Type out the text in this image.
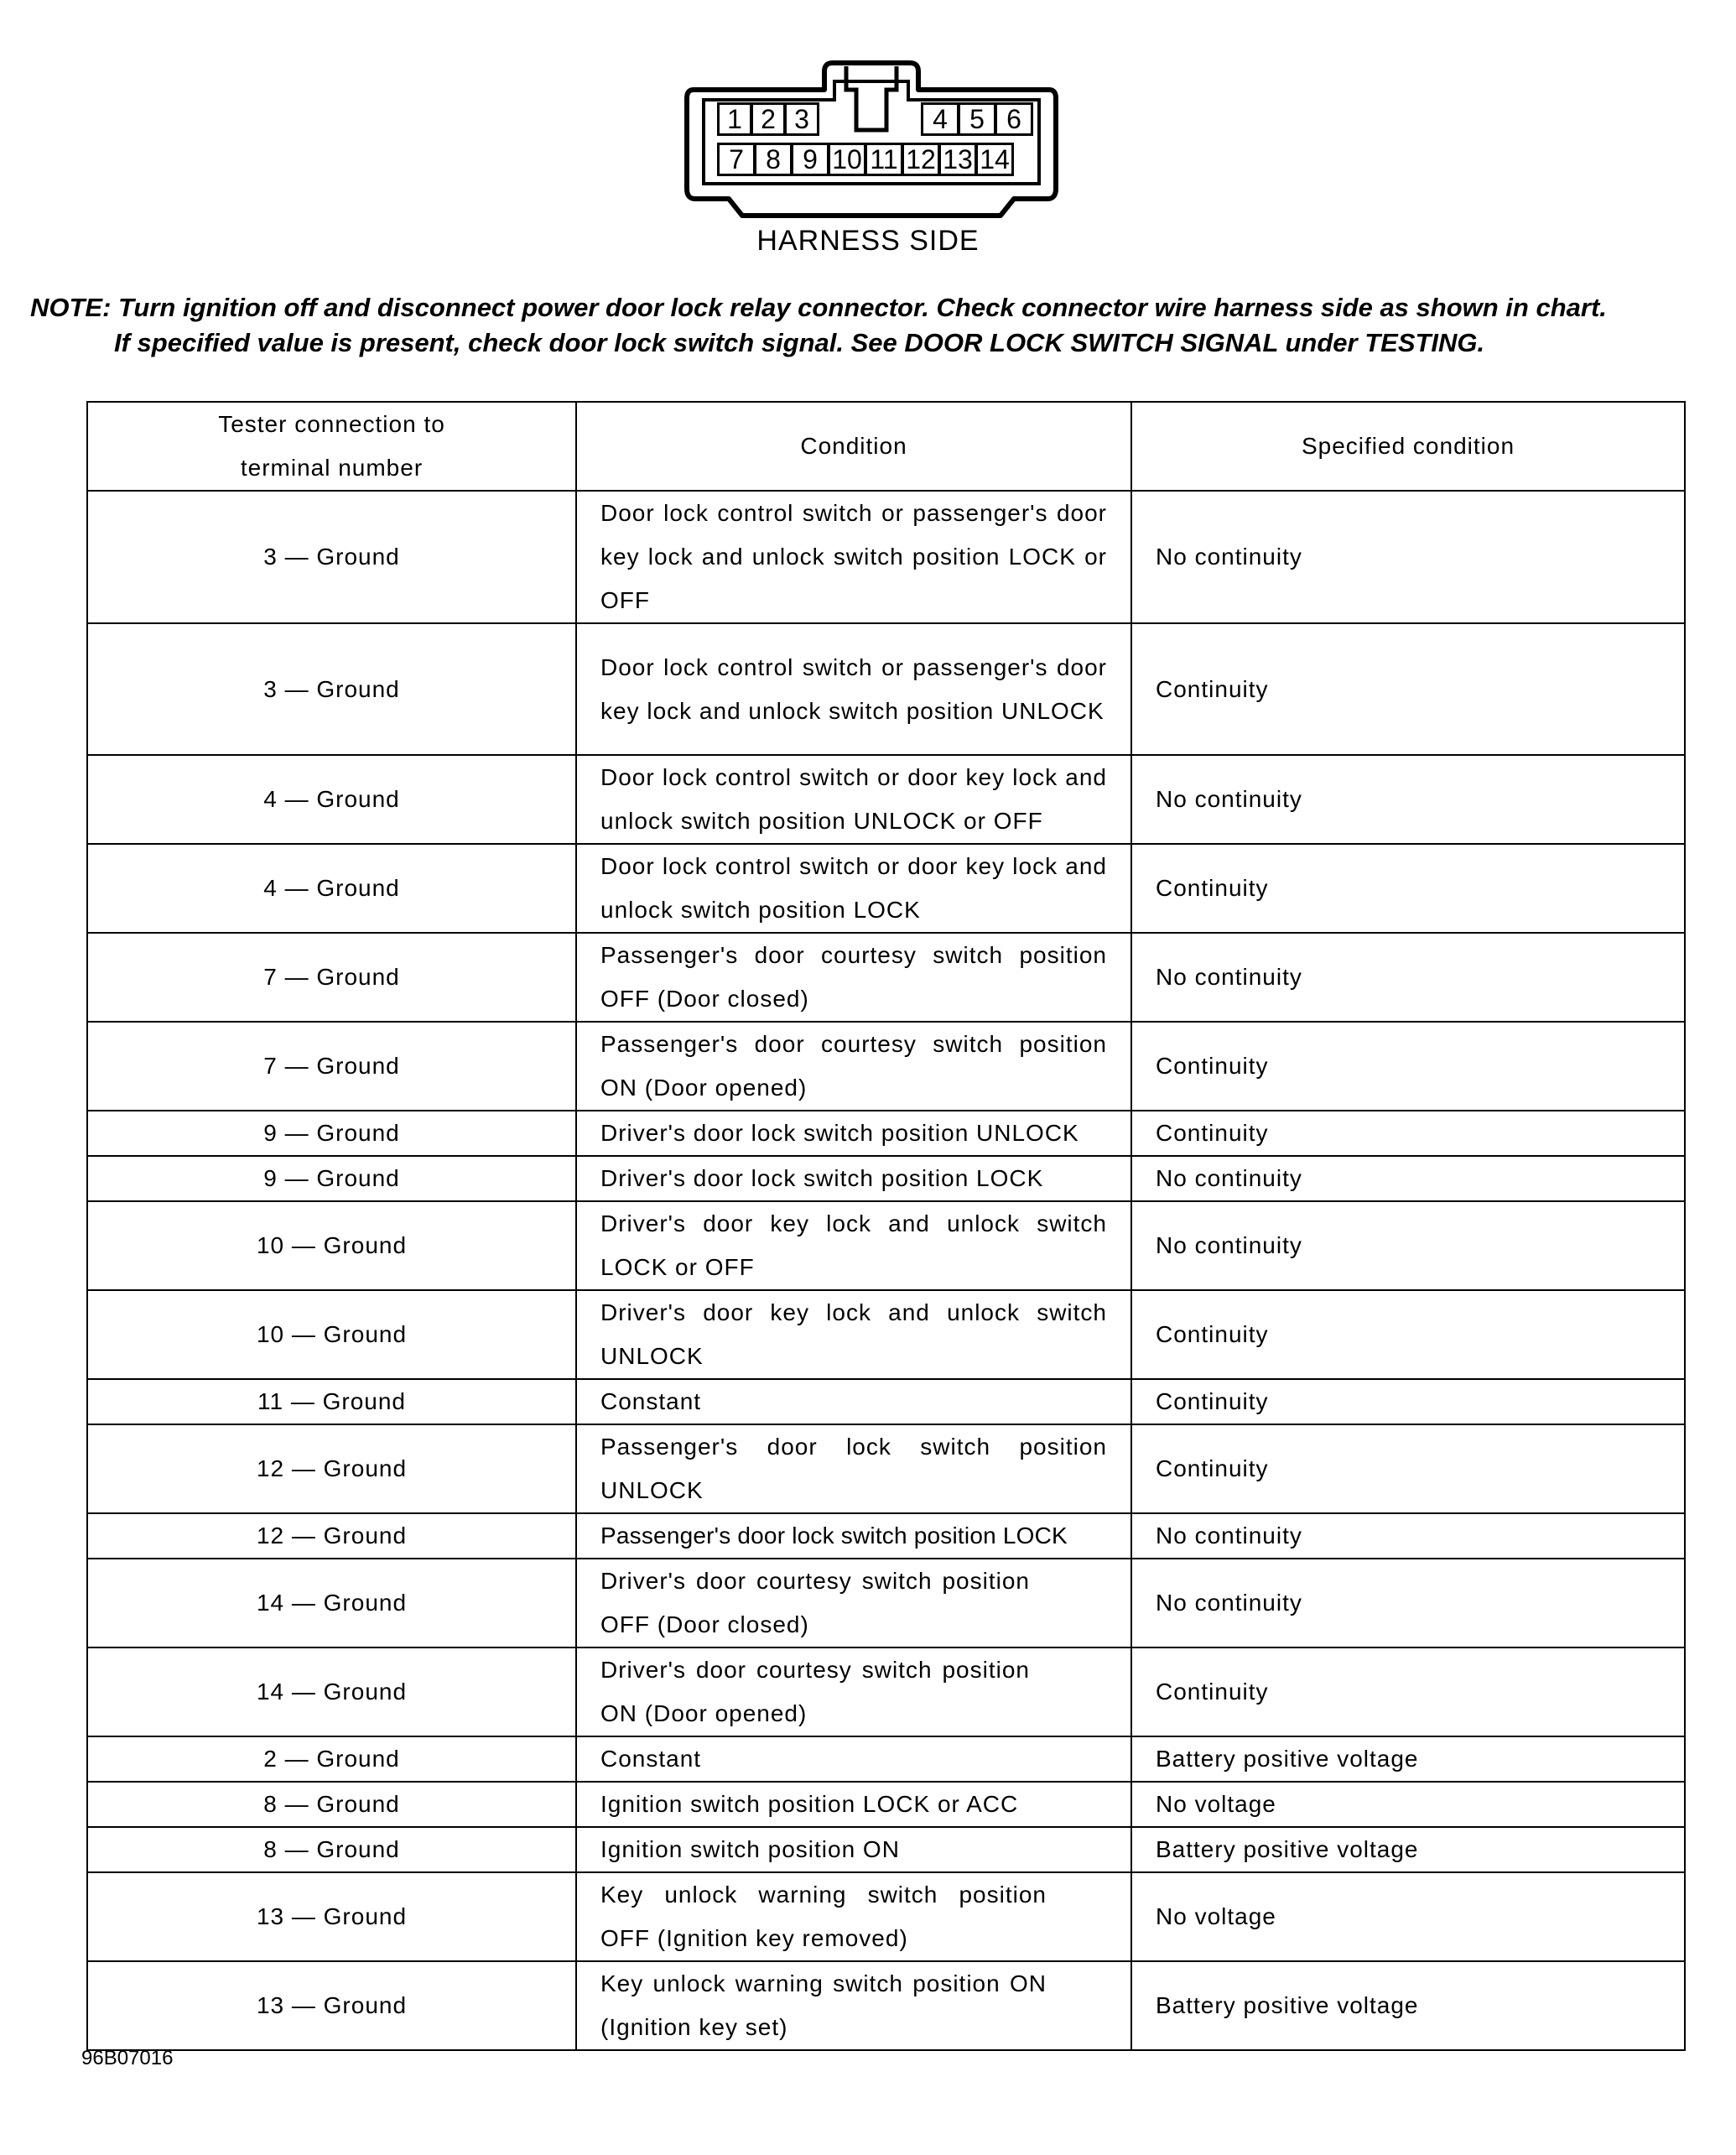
1 2 3	4 5 6
7 8 9 10 11 12 13 14
HARNESS SIDE
NOTE: Turn ignition off and disconnect power door lock relay connector. Check connector wire harness side as shown in chart.
If specified value is present, check door lock switch signal. See DOOR LOCK SWITCH SIGNAL under TESTING.
Tester connection to terminal number	Condition	Specified condition
3 — Ground	Door lock control switch or passenger's door key lock and unlock switch position LOCK or OFF	No continuity
3 — Ground	Door lock control switch or passenger's door key lock and unlock switch position UNLOCK	Continuity
4 — Ground	Door lock control switch or door key lock and unlock switch position UNLOCK or OFF	No continuity
4 — Ground	Door lock control switch or door key lock and unlock switch position LOCK	Continuity
7 — Ground	Passenger's door courtesy switch position OFF (Door closed)	No continuity
7 — Ground	Passenger's door courtesy switch position ON (Door opened)	Continuity
9 — Ground	Driver's door lock switch position UNLOCK	Continuity
9 — Ground	Driver's door lock switch position LOCK	No continuity
10 — Ground	Driver's door key lock and unlock switch LOCK or OFF	No continuity
10 — Ground	Driver's door key lock and unlock switch UNLOCK	Continuity
11 — Ground	Constant	Continuity
12 — Ground	Passenger's door lock switch position UNLOCK	Continuity
12 — Ground	Passenger's door lock switch position LOCK	No continuity
14 — Ground	Driver's door courtesy switch position OFF (Door closed)	No continuity
14 — Ground	Driver's door courtesy switch position ON (Door opened)	Continuity
2 — Ground	Constant	Battery positive voltage
8 — Ground	Ignition switch position LOCK or ACC	No voltage
8 — Ground	Ignition switch position ON	Battery positive voltage
13 — Ground	Key unlock warning switch position OFF (Ignition key removed)	No voltage
13 — Ground	Key unlock warning switch position ON (Ignition key set)	Battery positive voltage
96B07016
